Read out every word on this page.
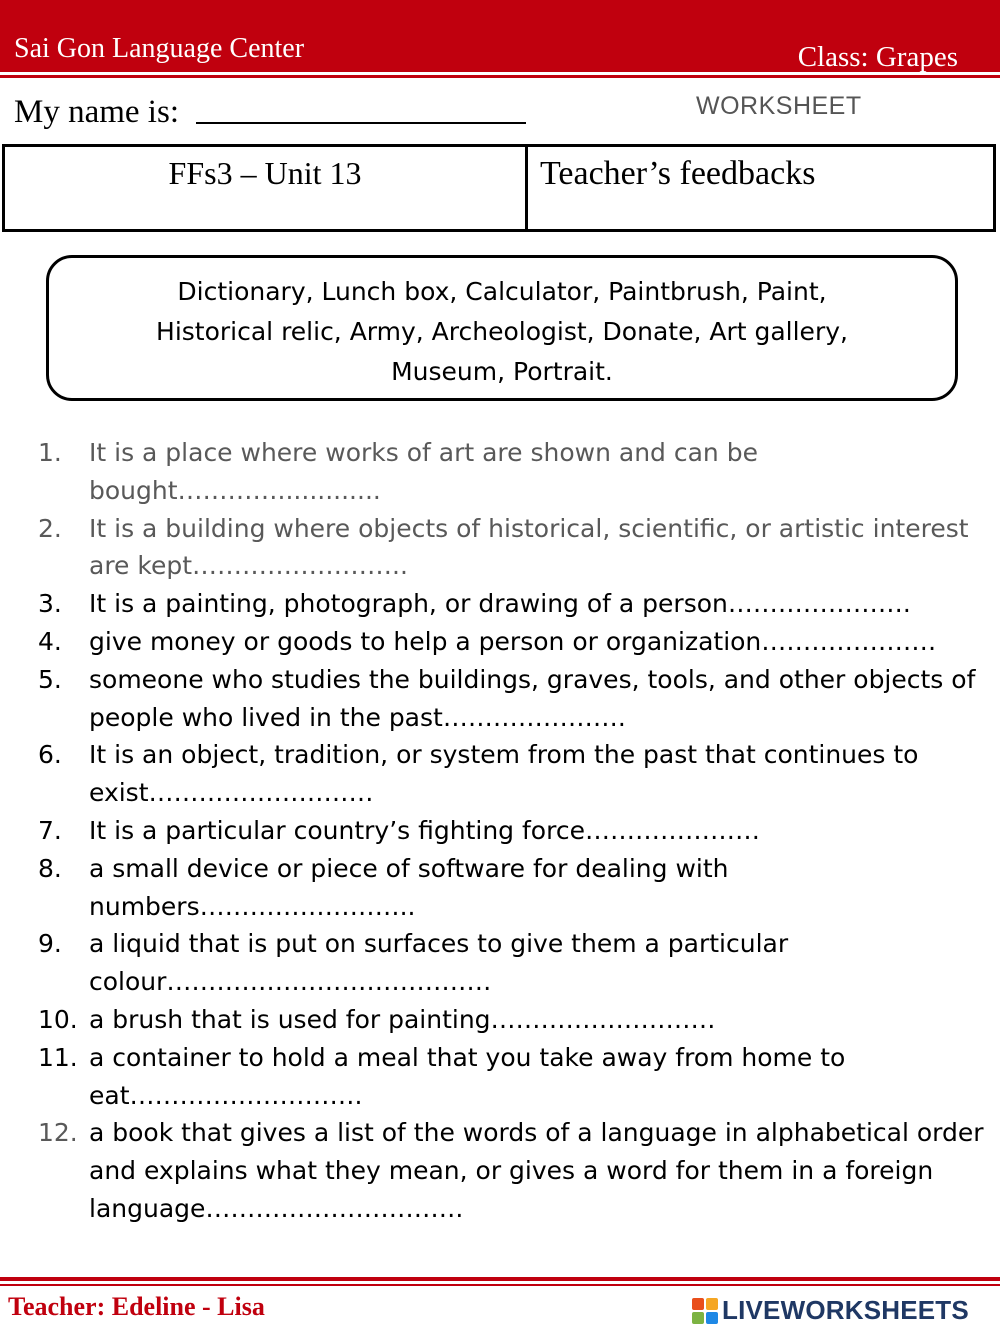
Sai Gon Language Center	Class: Grapes
My name is:	WORKSHEET
FFs3 – Unit 13	Teacher’s feedbacks
Dictionary, Lunch box, Calculator, Paintbrush, Paint,
Historical relic, Army, Archeologist, Donate, Art gallery,
Museum, Portrait.
1.	It is a place where works of art are shown and can be bought………….............
2.	It is a building where objects of historical, scientific, or artistic interest are kept……………………..
3.	It is a painting, photograph, or drawing of a person………………….
4.	give money or goods to help a person or organization…………………
5.	someone who studies the buildings, graves, tools, and other objects of people who lived in the past………………….
6.	It is an object, tradition, or system from the past that continues to exist………………………
7.	It is a particular country’s fighting force…………………
8.	a small device or piece of software for dealing with numbers……………………..
9.	a liquid that is put on surfaces to give them a particular colour…………………………………
10. a brush that is used for painting………………………
11. a container to hold a meal that you take away from home to eat……………………….
12. a book that gives a list of the words of a language in alphabetical order and explains what they mean, or gives a word for them in a foreign language………………………….
Teacher: Edeline - Lisa	LIVEWORKSHEETS
